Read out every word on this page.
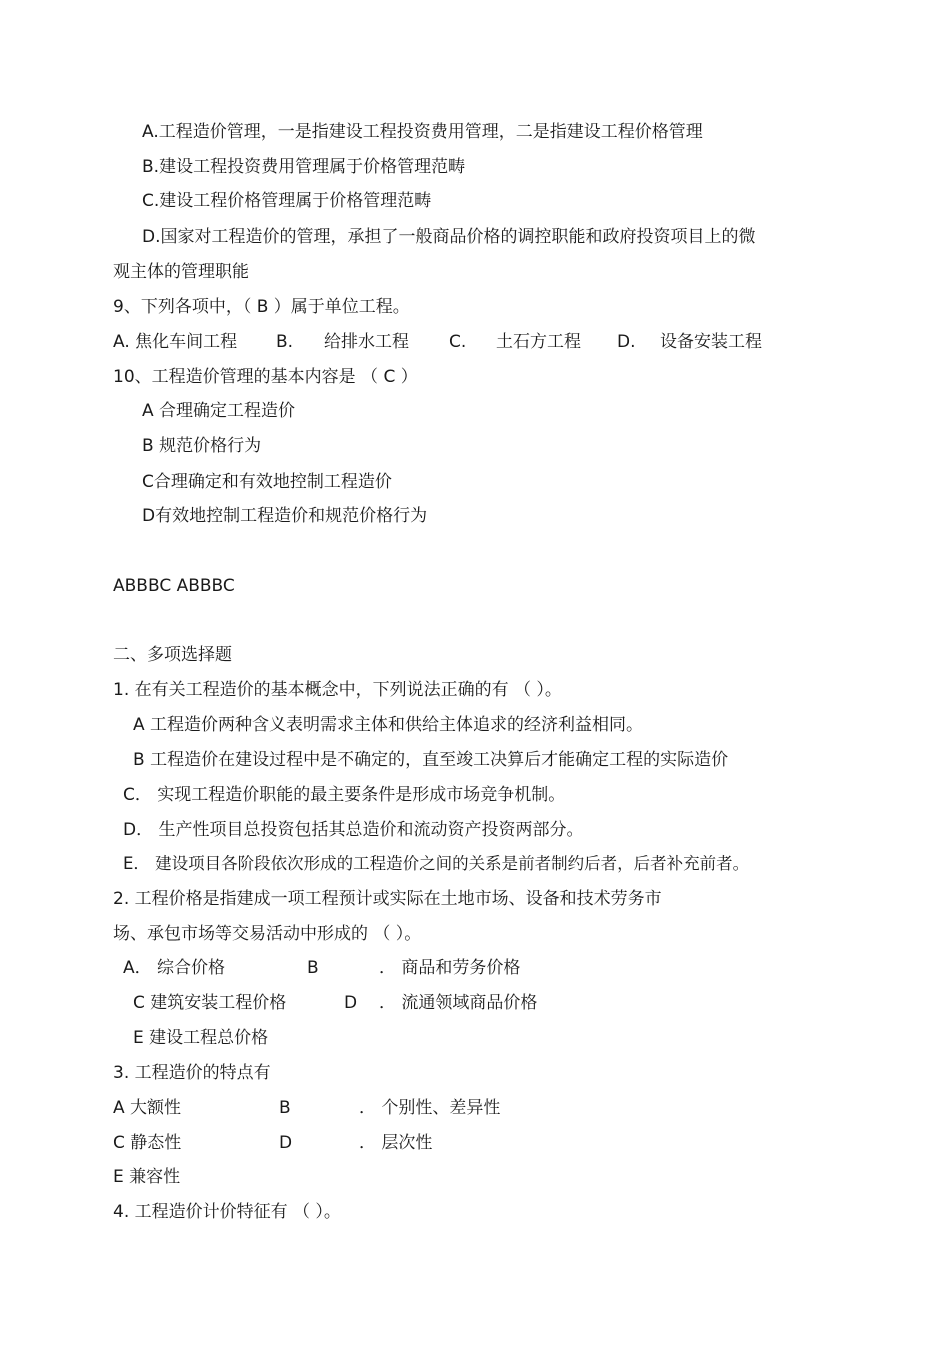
A.工程造价管理，一是指建设工程投资费用管理，二是指建设工程价格管理
B.建设工程投资费用管理属于价格管理范畴
C.建设工程价格管理属于价格管理范畴
D.国家对工程造价的管理，承担了一般商品价格的调控职能和政府投资项目上的微
观主体的管理职能
9、下列各项中，（ B ）属于单位工程。
A. 焦化车间工程 B. 给排水工程 C. 土石方工程 D. 设备安装工程
10、工程造价管理的基本内容是 （ C ）
A 合理确定工程造价
B 规范价格行为
C合理确定和有效地控制工程造价
D有效地控制工程造价和规范价格行为
ABBBC ABBBC
二、多项选择题
1. 在有关工程造价的基本概念中，下列说法正确的有 （ ）。
A 工程造价两种含义表明需求主体和供给主体追求的经济利益相同。
B 工程造价在建设过程中是不确定的，直至竣工决算后才能确定工程的实际造价
C． 实现工程造价职能的最主要条件是形成市场竞争机制。
D． 生产性项目总投资包括其总造价和流动资产投资两部分。
E． 建设项目各阶段依次形成的工程造价之间的关系是前者制约后者，后者补充前者。
2. 工程价格是指建成一项工程预计或实际在土地市场、设备和技术劳务市
场、承包市场等交易活动中形成的 （ ）。
A． 综合价格	B	． 商品和劳务价格
C 建筑安装工程价格	D ． 流通领域商品价格
E 建设工程总价格
3. 工程造价的特点有
A 大额性	B	． 个别性、差异性
C 静态性	D	． 层次性
E 兼容性
4. 工程造价计价特征有 （ ）。
